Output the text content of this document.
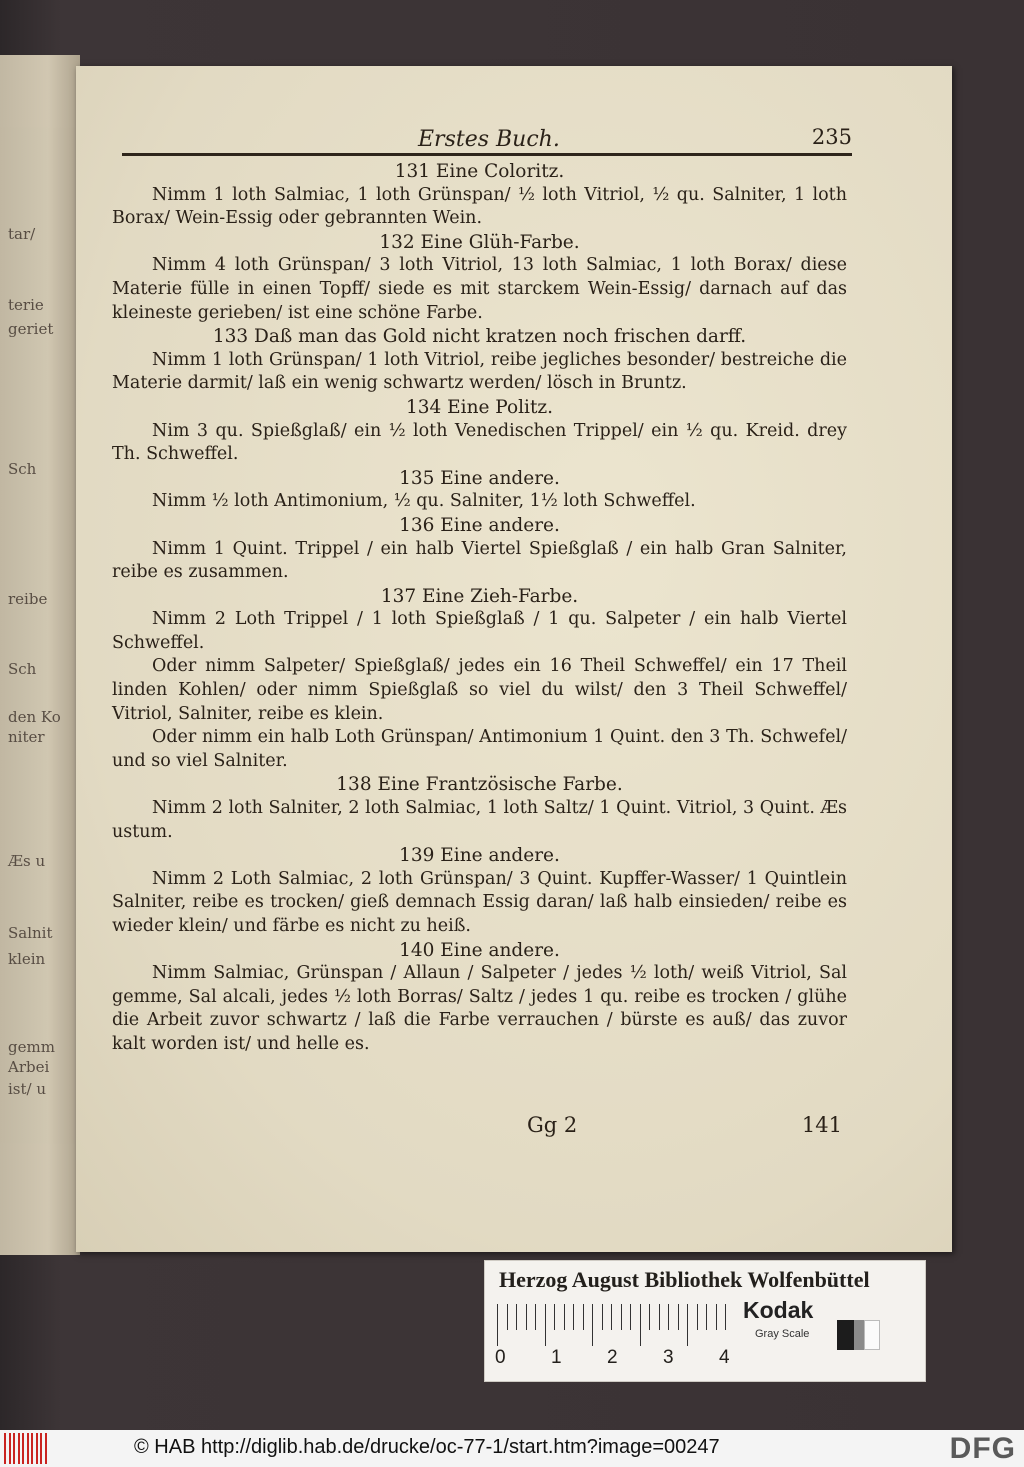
tar/
terie
geriet
Sch
reibe
Sch
den Ko
niter
Æs u
Salnit
klein
gemm
Arbei
ist/ u
Erstes Buch.	235

131 Eine Coloritz.

Nimm 1 loth Salmiac, 1 loth Grünspan/ ½ loth Vitriol, ½ qu. Salniter, 1 loth Borax/ Wein-Essig oder gebrannten Wein.

132 Eine Glüh-Farbe.

Nimm 4 loth Grünspan/ 3 loth Vitriol, 13 loth Salmiac, 1 loth Borax/ diese Materie fülle in einen Topff/ siede es mit starckem Wein-Essig/ darnach auf das kleineste gerieben/ ist eine schöne Farbe.

133 Daß man das Gold nicht kratzen noch frischen darff.

Nimm 1 loth Grünspan/ 1 loth Vitriol, reibe jegliches besonder/ bestreiche die Materie darmit/ laß ein wenig schwartz werden/ lösch in Bruntz.

134 Eine Politz.

Nim 3 qu. Spießglaß/ ein ½ loth Venedischen Trippel/ ein ½ qu. Kreid. drey Th. Schweffel.

135 Eine andere.

Nimm ½ loth Antimonium, ½ qu. Salniter, 1½ loth Schweffel.

136 Eine andere.

Nimm 1 Quint. Trippel / ein halb Viertel Spießglaß / ein halb Gran Salniter, reibe es zusammen.

137 Eine Zieh-Farbe.

Nimm 2 Loth Trippel / 1 loth Spießglaß / 1 qu. Salpeter / ein halb Viertel Schweffel.

Oder nimm Salpeter/ Spießglaß/ jedes ein 16 Theil Schweffel/ ein 17 Theil linden Kohlen/ oder nimm Spießglaß so viel du wilst/ den 3 Theil Schweffel/ Vitriol, Salniter, reibe es klein.

Oder nimm ein halb Loth Grünspan/ Antimonium 1 Quint. den 3 Th. Schwefel/ und so viel Salniter.

138 Eine Frantzösische Farbe.

Nimm 2 loth Salniter, 2 loth Salmiac, 1 loth Saltz/ 1 Quint. Vitriol, 3 Quint. Æs ustum.

139 Eine andere.

Nimm 2 Loth Salmiac, 2 loth Grünspan/ 3 Quint. Kupffer-Wasser/ 1 Quintlein Salniter, reibe es trocken/ gieß demnach Essig daran/ laß halb einsieden/ reibe es wieder klein/ und färbe es nicht zu heiß.

140 Eine andere.

Nimm Salmiac, Grünspan / Allaun / Salpeter / jedes ½ loth/ weiß Vitriol, Sal gemme, Sal alcali, jedes ½ loth Borras/ Saltz / jedes 1 qu. reibe es trocken / glühe die Arbeit zuvor schwartz / laß die Farbe verrauchen / bürste es auß/ das zuvor kalt worden ist/ und helle es.

Gg 2	141
Herzog August Bibliothek Wolfenbüttel
0 1 2 3 4
Kodak
Gray Scale
© HAB http://diglib.hab.de/drucke/oc-77-1/start.htm?image=00247	DFG
